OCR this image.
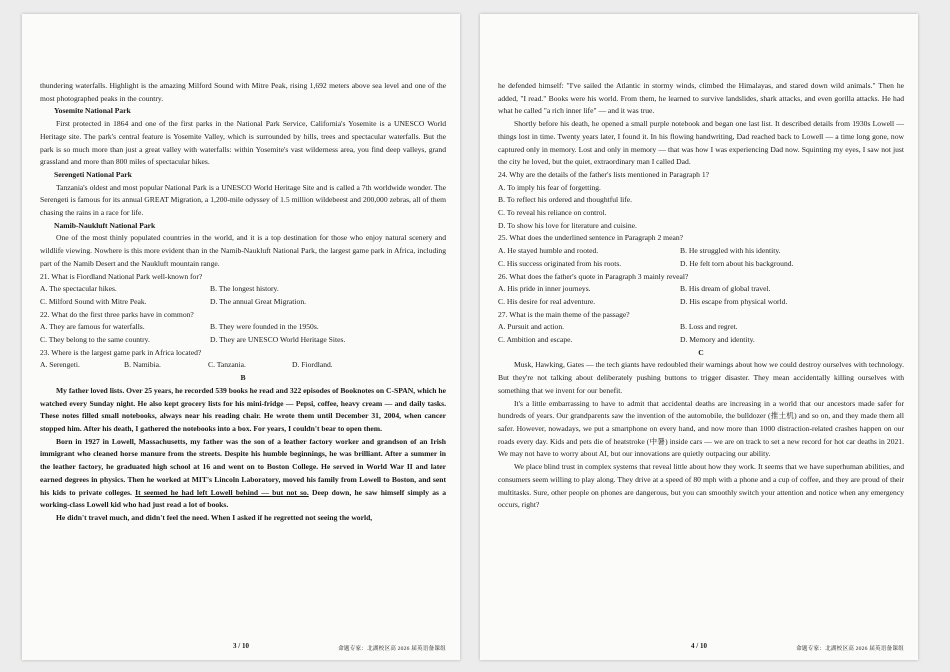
thundering waterfalls. Highlight is the amazing Milford Sound with Mitre Peak, rising 1,692 meters above sea level and one of the most photographed peaks in the country.

Yosemite National Park

First protected in 1864 and one of the first parks in the National Park Service, California's Yosemite is a UNESCO World Heritage site. The park's central feature is Yosemite Valley, which is surrounded by hills, trees and spectacular waterfalls. But the park is so much more than just a great valley with waterfalls: within Yosemite's vast wilderness area, you find deep valleys, grand grassland and more than 800 miles of spectacular hikes.

Serengeti National Park

Tanzania's oldest and most popular National Park is a UNESCO World Heritage Site and is called a 7th worldwide wonder. The Serengeti is famous for its annual GREAT Migration, a 1,200-mile odyssey of 1.5 million wildebeest and 200,000 zebras, all of them chasing the rains in a race for life.

Namib-Naukluft National Park

One of the most thinly populated countries in the world, and it is a top destination for those who enjoy natural scenery and wildlife viewing. Nowhere is this more evident than in the Namib-Naukluft National Park, the largest game park in Africa, including part of the Namib Desert and the Naukluft mountain range.

21. What is Fiordland National Park well-known for?

A. The spectacular hikes.	B. The longest history.
C. Milford Sound with Mitre Peak.	D. The annual Great Migration.

22. What do the first three parks have in common?

A. They are famous for waterfalls.	B. They were founded in the 1950s.
C. They belong to the same country.	D. They are UNESCO World Heritage Sites.

23. Where is the largest game park in Africa located?

A. Serengeti.	B. Namibia.	C. Tanzania.	D. Fiordland.

B

My father loved lists. Over 25 years, he recorded 539 books he read and 322 episodes of Booknotes on C-SPAN, which he watched every Sunday night. He also kept grocery lists for his mini-fridge — Pepsi, coffee, heavy cream — and daily tasks. These notes filled small notebooks, always near his reading chair. He wrote them until December 31, 2004, when cancer stopped him. After his death, I gathered the notebooks into a box. For years, I couldn't bear to open them.

Born in 1927 in Lowell, Massachusetts, my father was the son of a leather factory worker and grandson of an Irish immigrant who cleaned horse manure from the streets. Despite his humble beginnings, he was brilliant. After a summer in the leather factory, he graduated high school at 16 and went on to Boston College. He served in World War II and later earned degrees in physics. Then he worked at MIT's Lincoln Laboratory, moved his family from Lowell to Boston, and sent his kids to private colleges. It seemed he had left Lowell behind — but not so. Deep down, he saw himself simply as a working-class Lowell kid who had just read a lot of books.

He didn't travel much, and didn't feel the need. When I asked if he regretted not seeing the world,

3 / 10	命题专家：北湖校区高 2026 届英语备课组

he defended himself: "I've sailed the Atlantic in stormy winds, climbed the Himalayas, and stared down wild animals." Then he added, "I read." Books were his world. From them, he learned to survive landslides, shark attacks, and even gorilla attacks. He had what he called "a rich inner life" — and it was true.

Shortly before his death, he opened a small purple notebook and began one last list. It described details from 1930s Lowell — things lost in time. Twenty years later, I found it. In his flowing handwriting, Dad reached back to Lowell — a time long gone, now captured only in memory. Lost and only in memory — that was how I was experiencing Dad now. Squinting my eyes, I saw not just the city he loved, but the quiet, extraordinary man I called Dad.

24. Why are the details of the father's lists mentioned in Paragraph 1?

A. To imply his fear of forgetting.

B. To reflect his ordered and thoughtful life.

C. To reveal his reliance on control.

D. To show his love for literature and cuisine.

25. What does the underlined sentence in Paragraph 2 mean?

A. He stayed humble and rooted.	B. He struggled with his identity.
C. His success originated from his roots.	D. He felt torn about his background.

26. What does the father's quote in Paragraph 3 mainly reveal?

A. His pride in inner journeys.	B. His dream of global travel.
C. His desire for real adventure.	D. His escape from physical world.

27. What is the main theme of the passage?

A. Pursuit and action.	B. Loss and regret.
C. Ambition and escape.	D. Memory and identity.

C

Musk, Hawking, Gates — the tech giants have redoubled their warnings about how we could destroy ourselves with technology. But they're not talking about deliberately pushing buttons to trigger disaster. They mean accidentally killing ourselves with something that we invent for our benefit.

It's a little embarrassing to have to admit that accidental deaths are increasing in a world that our ancestors made safer for hundreds of years. Our grandparents saw the invention of the automobile, the bulldozer (推土机) and so on, and they made them all safer. However, nowadays, we put a smartphone on every hand, and now more than 1000 distraction-related crashes happen on our roads every day. Kids and pets die of heatstroke (中暑) inside cars — we are on track to set a new record for hot car deaths in 2021. We may not have to worry about AI, but our innovations are quietly outpacing our ability.

We place blind trust in complex systems that reveal little about how they work. It seems that we have superhuman abilities, and consumers seem willing to play along. They drive at a speed of 80 mph with a phone and a cup of coffee, and they are proud of their multitasks. Sure, other people on phones are dangerous, but you can smoothly switch your attention and notice when any emergency occurs, right?

4 / 10	命题专家：北湖校区高 2026 届英语备课组
